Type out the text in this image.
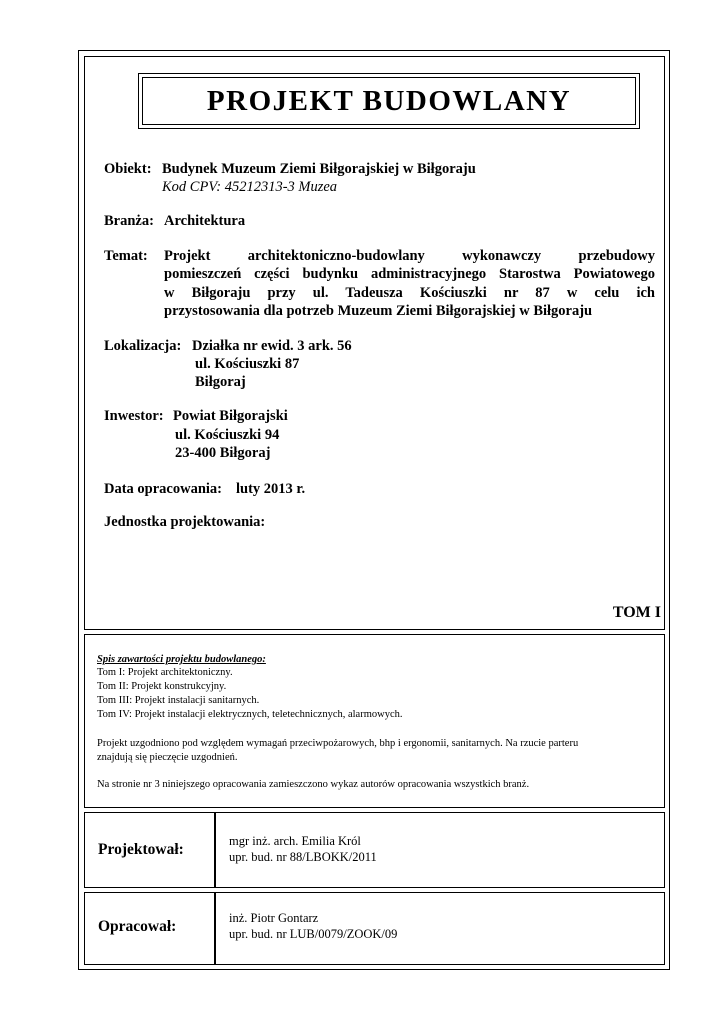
PROJEKT BUDOWLANY
Obiekt: Budynek Muzeum Ziemi Biłgorajskiej w Biłgoraju
Kod CPV: 45212313-3 Muzea
Branża: Architektura
Temat: Projekt architektoniczno-budowlany wykonawczy przebudowy
pomieszczeń części budynku administracyjnego Starostwa Powiatowego
w Biłgoraju przy ul. Tadeusza Kościuszki nr 87 w celu ich
przystosowania dla potrzeb Muzeum Ziemi Biłgorajskiej w Biłgoraju
Lokalizacja: Działka nr ewid. 3 ark. 56
ul. Kościuszki 87
Biłgoraj
Inwestor: Powiat Biłgorajski
ul. Kościuszki 94
23-400 Biłgoraj
Data opracowania: luty 2013 r.
Jednostka projektowania:
TOM I
Spis zawartości projektu budowlanego:
Tom I: Projekt architektoniczny.
Tom II: Projekt konstrukcyjny.
Tom III: Projekt instalacji sanitarnych.
Tom IV: Projekt instalacji elektrycznych, teletechnicznych, alarmowych.
Projekt uzgodniono pod względem wymagań przeciwpożarowych, bhp i ergonomii, sanitarnych. Na rzucie parteru
znajdują się pieczęcie uzgodnień.
Na stronie nr 3 niniejszego opracowania zamieszczono wykaz autorów opracowania wszystkich branż.
Projektował:	mgr inż. arch. Emilia Król
upr. bud. nr 88/LBOKK/2011
Opracował:	inż. Piotr Gontarz
upr. bud. nr LUB/0079/ZOOK/09
